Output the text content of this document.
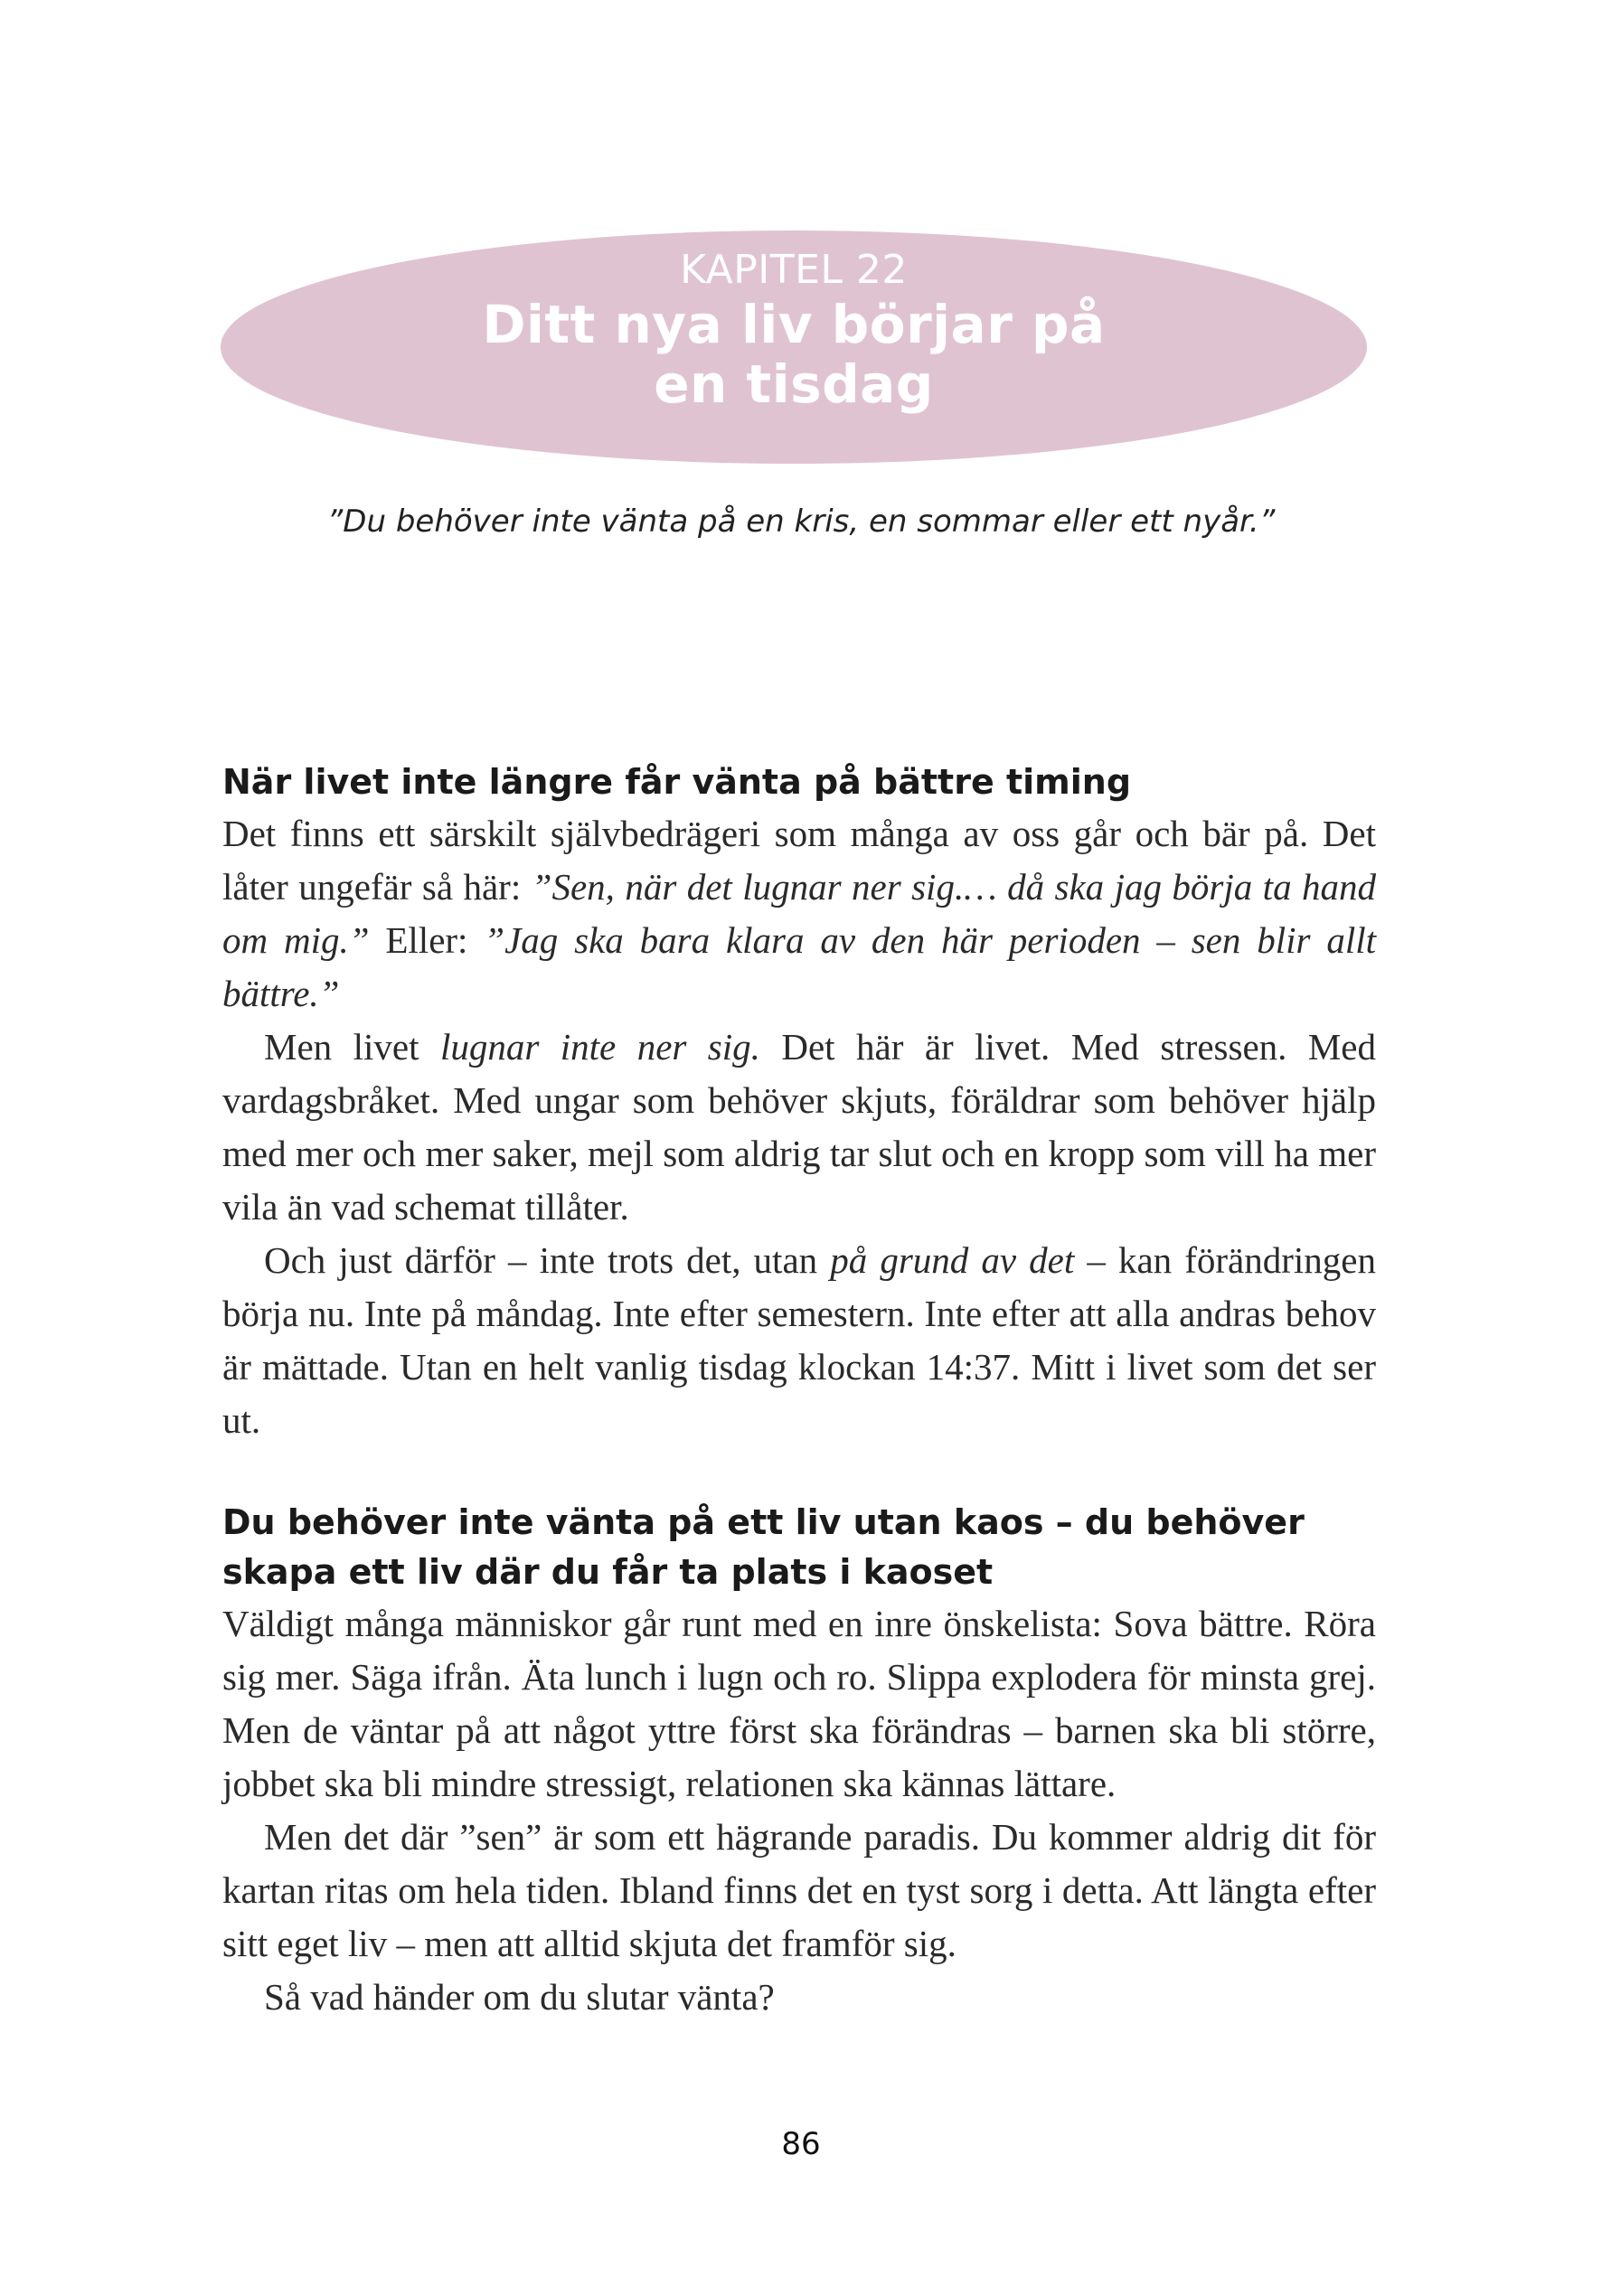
KAPITEL 22
Ditt nya liv börjar på
en tisdag
”Du behöver inte vänta på en kris, en sommar eller ett nyår.”
När livet inte längre får vänta på bättre timing

Det finns ett särskilt självbedrägeri som många av oss går och bär på. Det låter ungefär så här: ”Sen, när det lugnar ner sig.… då ska jag börja ta hand om mig.” Eller: ”Jag ska bara klara av den här perioden – sen blir allt bättre.”

Men livet lugnar inte ner sig. Det här är livet. Med stressen. Med vardagsbråket. Med ungar som behöver skjuts, föräldrar som behöver hjälp med mer och mer saker, mejl som aldrig tar slut och en kropp som vill ha mer vila än vad schemat tillåter.

Och just därför – inte trots det, utan på grund av det – kan förändringen börja nu. Inte på måndag. Inte efter semestern. Inte efter att alla andras behov är mättade. Utan en helt vanlig tisdag klockan 14:37. Mitt i livet som det ser ut.

Du behöver inte vänta på ett liv utan kaos – du behöver skapa ett liv där du får ta plats i kaoset

Väldigt många människor går runt med en inre önskelista: Sova bättre. Röra sig mer. Säga ifrån. Äta lunch i lugn och ro. Slippa explodera för minsta grej. Men de väntar på att något yttre först ska förändras – barnen ska bli större, jobbet ska bli mindre stressigt, relationen ska kännas lättare.

Men det där ”sen” är som ett hägrande paradis. Du kommer aldrig dit för kartan ritas om hela tiden. Ibland finns det en tyst sorg i detta. Att längta efter sitt eget liv – men att alltid skjuta det framför sig.

Så vad händer om du slutar vänta?

86
